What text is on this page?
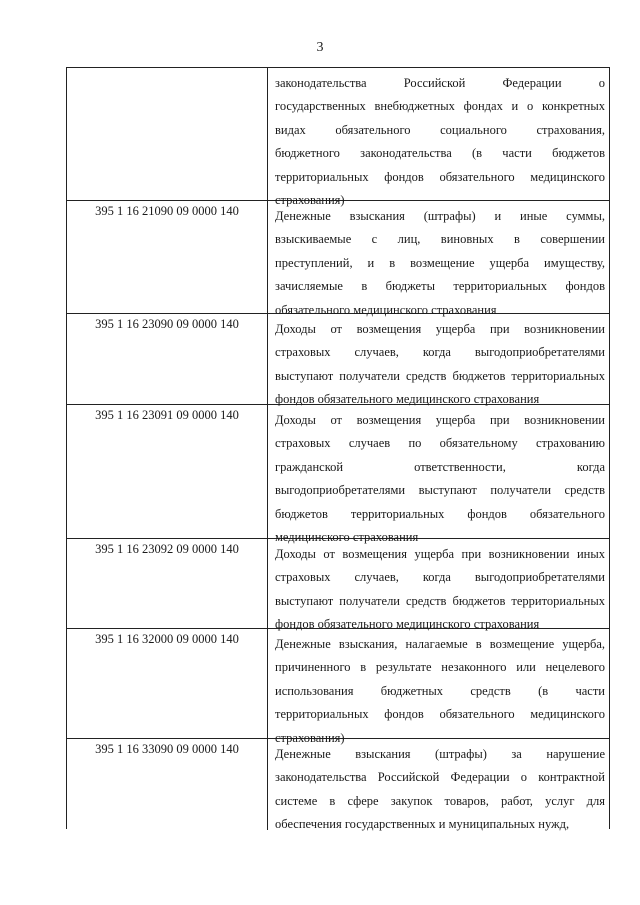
3
законодательства Российской Федерации о
государственных внебюджетных фондах и о конкретных
видах обязательного социального страхования,
бюджетного законодательства (в части бюджетов
территориальных фондов обязательного медицинского
страхования)
395 1 16 21090 09 0000 140	Денежные взыскания (штрафы) и иные суммы,
взыскиваемые с лиц, виновных в совершении
преступлений, и в возмещение ущерба имуществу,
зачисляемые в бюджеты территориальных фондов
обязательного медицинского страхования
395 1 16 23090 09 0000 140	Доходы от возмещения ущерба при возникновении
страховых случаев, когда выгодоприобретателями
выступают получатели средств бюджетов территориальных
фондов обязательного медицинского страхования
395 1 16 23091 09 0000 140	Доходы от возмещения ущерба при возникновении
страховых случаев по обязательному страхованию
гражданской ответственности, когда
выгодоприобретателями выступают получатели средств
бюджетов территориальных фондов обязательного
медицинского страхования
395 1 16 23092 09 0000 140	Доходы от возмещения ущерба при возникновении иных
страховых случаев, когда выгодоприобретателями
выступают получатели средств бюджетов территориальных
фондов обязательного медицинского страхования
395 1 16 32000 09 0000 140	Денежные взыскания, налагаемые в возмещение ущерба,
причиненного в результате незаконного или нецелевого
использования бюджетных средств (в части
территориальных фондов обязательного медицинского
страхования)
395 1 16 33090 09 0000 140	Денежные взыскания (штрафы) за нарушение
законодательства Российской Федерации о контрактной
системе в сфере закупок товаров, работ, услуг для
обеспечения государственных и муниципальных нужд,
